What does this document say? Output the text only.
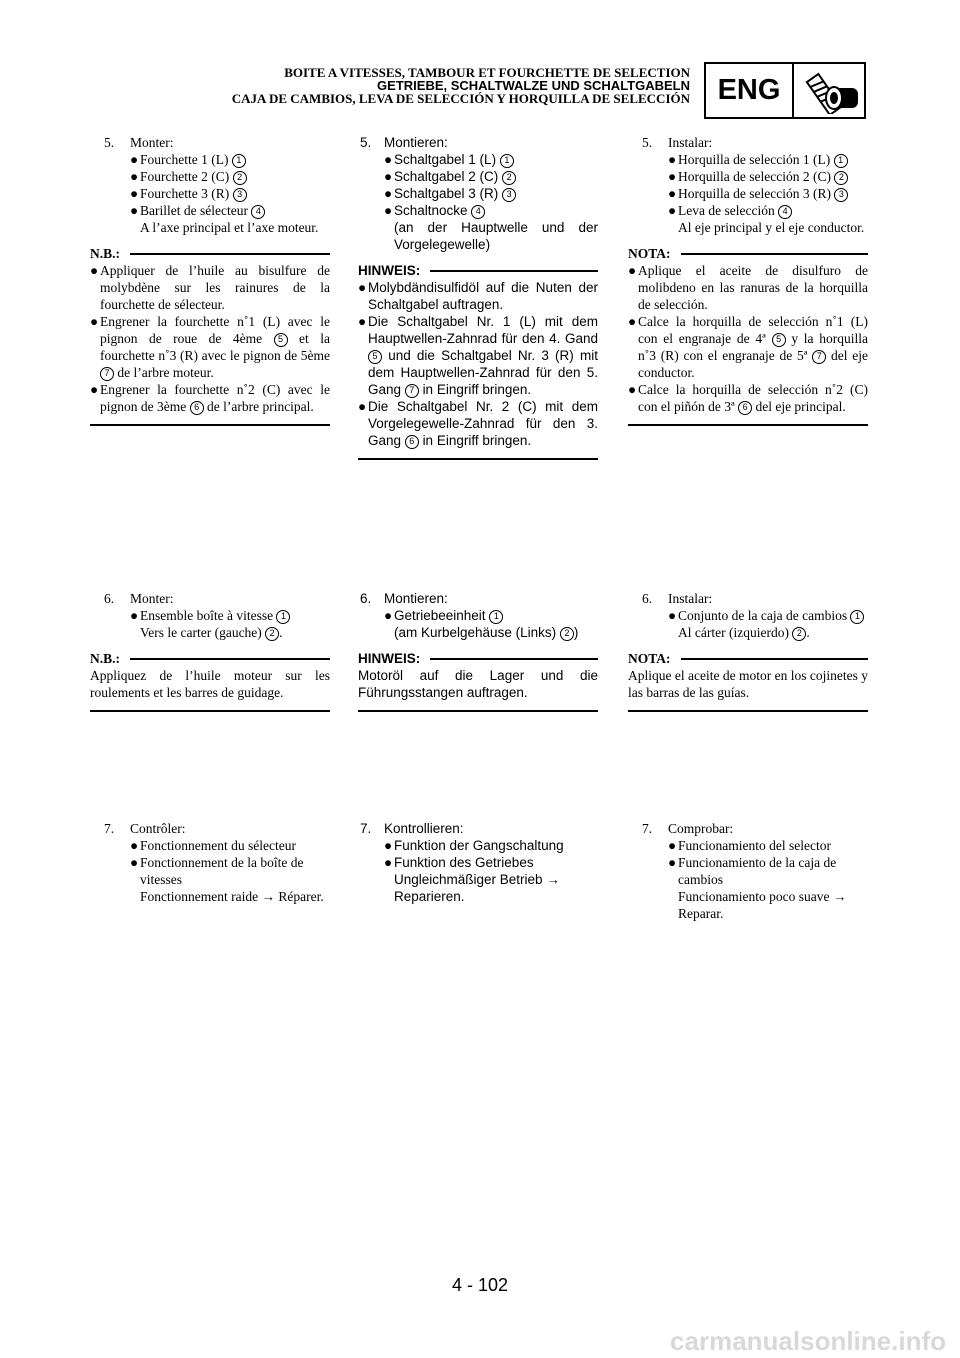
BOITE A VITESSES, TAMBOUR ET FOURCHETTE DE SELECTION
GETRIEBE, SCHALTWALZE UND SCHALTGABELN
CAJA DE CAMBIOS, LEVA DE SELECCIÓN Y HORQUILLA DE SELECCIÓN ENG
5.	Monter:
● Fourchette 1 (L) 1
● Fourchette 2 (C) 2
● Fourchette 3 (R) 3
● Barillet de sélecteur 4
A l’axe principal et l’axe moteur.
N.B.:
● Appliquer de l’huile au bisulfure de molybdène sur les rainures de la fourchette de sélecteur.
● Engrener la fourchette n˚1 (L) avec le pignon de roue de 4ème 5 et la fourchette n˚3 (R) avec le pignon de 5ème 7 de l’arbre moteur.
● Engrener la fourchette n˚2 (C) avec le pignon de 3ème 6 de l’arbre principal.
6.	Monter:
● Ensemble boîte à vitesse 1
Vers le carter (gauche) 2 .
N.B.:
Appliquez de l’huile moteur sur les roulements et les barres de guidage.
7.	Contrôler:
● Fonctionnement du sélecteur
● Fonctionnement de la boîte de vitesses
Fonctionnement raide → Réparer.
5. Montieren:
● Schaltgabel 1 (L) 1
● Schaltgabel 2 (C) 2
● Schaltgabel 3 (R) 3
● Schaltnocke 4
(an der Hauptwelle und der Vorgelegewelle)
HINWEIS:
● Molybdändisulfidöl auf die Nuten der Schaltgabel auftragen.
● Die Schaltgabel Nr. 1 (L) mit dem Hauptwellen-Zahnrad für den 4. Gand 5 und die Schaltgabel Nr. 3 (R) mit dem Hauptwellen-Zahnrad für den 5. Gang 7 in Eingriff bringen.
● Die Schaltgabel Nr. 2 (C) mit dem Vorgelegewelle-Zahnrad für den 3. Gang 6 in Eingriff bringen.
6. Montieren:
● Getriebeeinheit 1
(am Kurbelgehäuse (Links) 2 )
HINWEIS:
Motoröl auf die Lager und die Führungsstangen auftragen.
7. Kontrollieren:
● Funktion der Gangschaltung
● Funktion des Getriebes
Ungleichmäßiger Betrieb → Reparieren.
5.	Instalar:
● Horquilla de selección 1 (L) 1
● Horquilla de selección 2 (C) 2
● Horquilla de selección 3 (R) 3
● Leva de selección 4
Al eje principal y el eje conductor.
NOTA:
● Aplique el aceite de disulfuro de molibdeno en las ranuras de la horquilla de selección.
● Calce la horquilla de selección n˚1 (L) con el engranaje de 4ª 5 y la horquilla n˚3 (R) con el engranaje de 5ª 7 del eje conductor.
● Calce la horquilla de selección n˚2 (C) con el piñón de 3ª 6 del eje principal.
6.	Instalar:
● Conjunto de la caja de cambios 1
Al cárter (izquierdo) 2 .
NOTA:
Aplique el aceite de motor en los cojinetes y las barras de las guías.
7.	Comprobar:
● Funcionamiento del selector
● Funcionamiento de la caja de cambios
Funcionamiento poco suave → Reparar.
4 - 102
carmanualsonline.info
